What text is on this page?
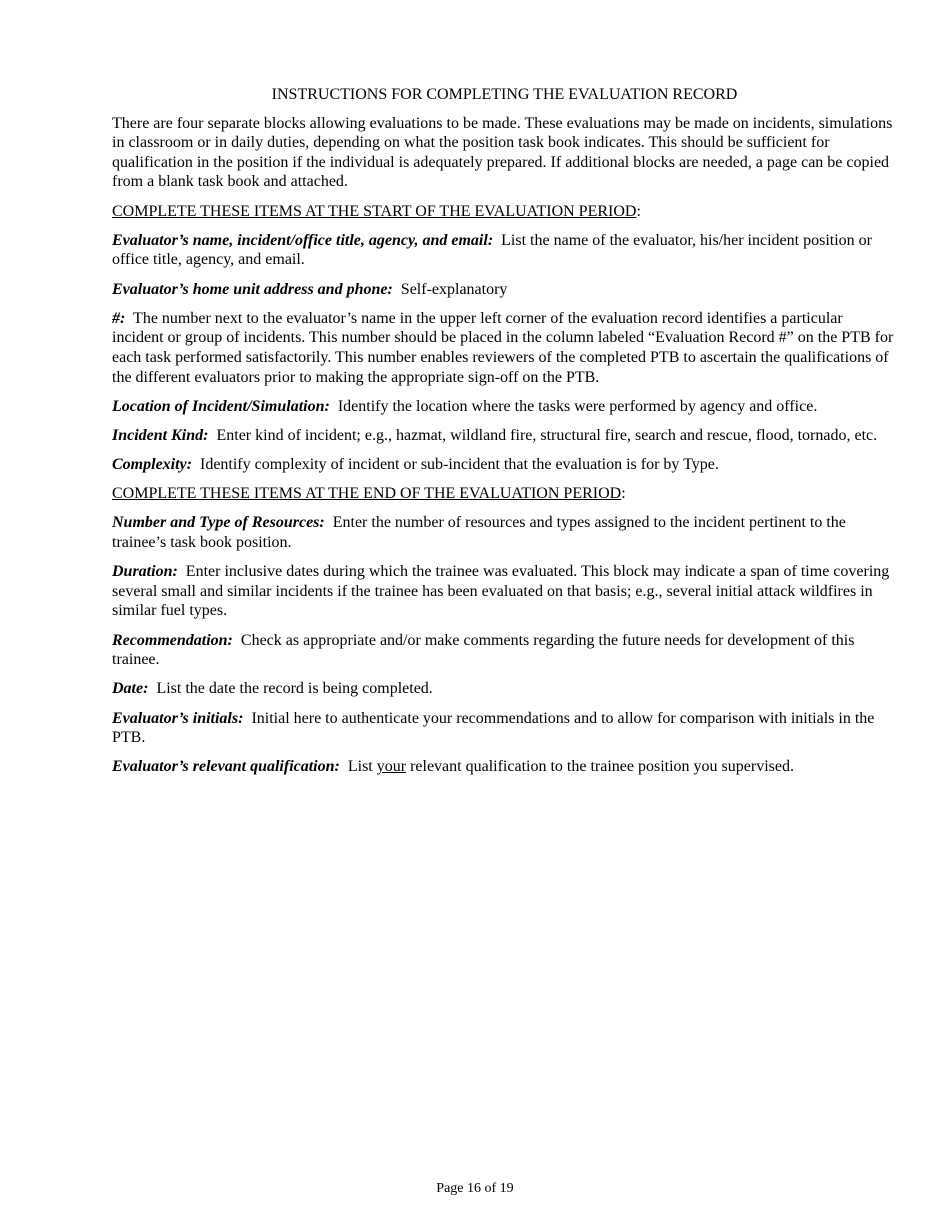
INSTRUCTIONS FOR COMPLETING THE EVALUATION RECORD

There are four separate blocks allowing evaluations to be made. These evaluations may be made on incidents, simulations in classroom or in daily duties, depending on what the position task book indicates. This should be sufficient for qualification in the position if the individual is adequately prepared. If additional blocks are needed, a page can be copied from a blank task book and attached.

COMPLETE THESE ITEMS AT THE START OF THE EVALUATION PERIOD:

Evaluator’s name, incident/office title, agency, and email: List the name of the evaluator, his/her incident position or office title, agency, and email.

Evaluator’s home unit address and phone: Self-explanatory

#: The number next to the evaluator’s name in the upper left corner of the evaluation record identifies a particular incident or group of incidents. This number should be placed in the column labeled “Evaluation Record #” on the PTB for each task performed satisfactorily. This number enables reviewers of the completed PTB to ascertain the qualifications of the different evaluators prior to making the appropriate sign-off on the PTB.

Location of Incident/Simulation: Identify the location where the tasks were performed by agency and office.

Incident Kind: Enter kind of incident; e.g., hazmat, wildland fire, structural fire, search and rescue, flood, tornado, etc.

Complexity: Identify complexity of incident or sub-incident that the evaluation is for by Type.

COMPLETE THESE ITEMS AT THE END OF THE EVALUATION PERIOD:

Number and Type of Resources: Enter the number of resources and types assigned to the incident pertinent to the trainee’s task book position.

Duration: Enter inclusive dates during which the trainee was evaluated. This block may indicate a span of time covering several small and similar incidents if the trainee has been evaluated on that basis; e.g., several initial attack wildfires in similar fuel types.

Recommendation: Check as appropriate and/or make comments regarding the future needs for development of this trainee.

Date: List the date the record is being completed.

Evaluator’s initials: Initial here to authenticate your recommendations and to allow for comparison with initials in the PTB.

Evaluator’s relevant qualification: List your relevant qualification to the trainee position you supervised.

Page 16 of 19
